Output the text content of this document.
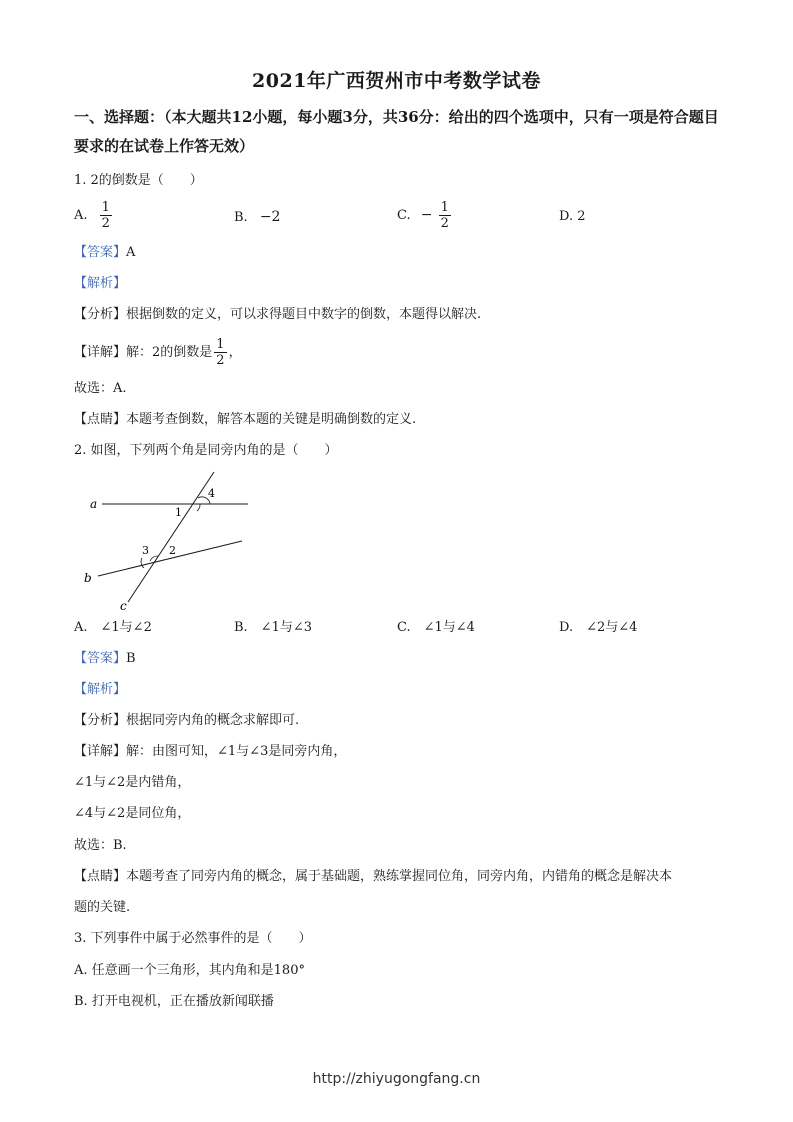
2021年广西贺州市中考数学试卷
一、选择题：（本大题共12小题，每小题3分，共36分：给出的四个选项中，只有一项是符合题目要求的在试卷上作答无效）
1. 2的倒数是（　　）
A. $\frac{1}{2}$	B. −2	C. − $\frac{1}{2}$	D. 2
【答案】A
【解析】
【分析】根据倒数的定义，可以求得题目中数字的倒数，本题得以解决.
【详解】解：2的倒数是 $\frac{1}{2}$ ，
故选：A.
【点睛】本题考查倒数，解答本题的关键是明确倒数的定义.
2. 如图，下列两个角是同旁内角的是（　　）
a
b
c
1
4
2
3
A.　∠1与∠2	B.　∠1与∠3	C.　∠1与∠4	D.　∠2与∠4
【答案】B
【解析】
【分析】根据同旁内角的概念求解即可.
【详解】解：由图可知，∠1与∠3是同旁内角，
∠1与∠2是内错角，
∠4与∠2是同位角，
故选：B.
【点睛】本题考查了同旁内角的概念，属于基础题，熟练掌握同位角，同旁内角，内错角的概念是解决本
题的关键.
3. 下列事件中属于必然事件的是（　　）
A. 任意画一个三角形，其内角和是180°
B. 打开电视机，正在播放新闻联播
http://zhiyugongfang.cn
